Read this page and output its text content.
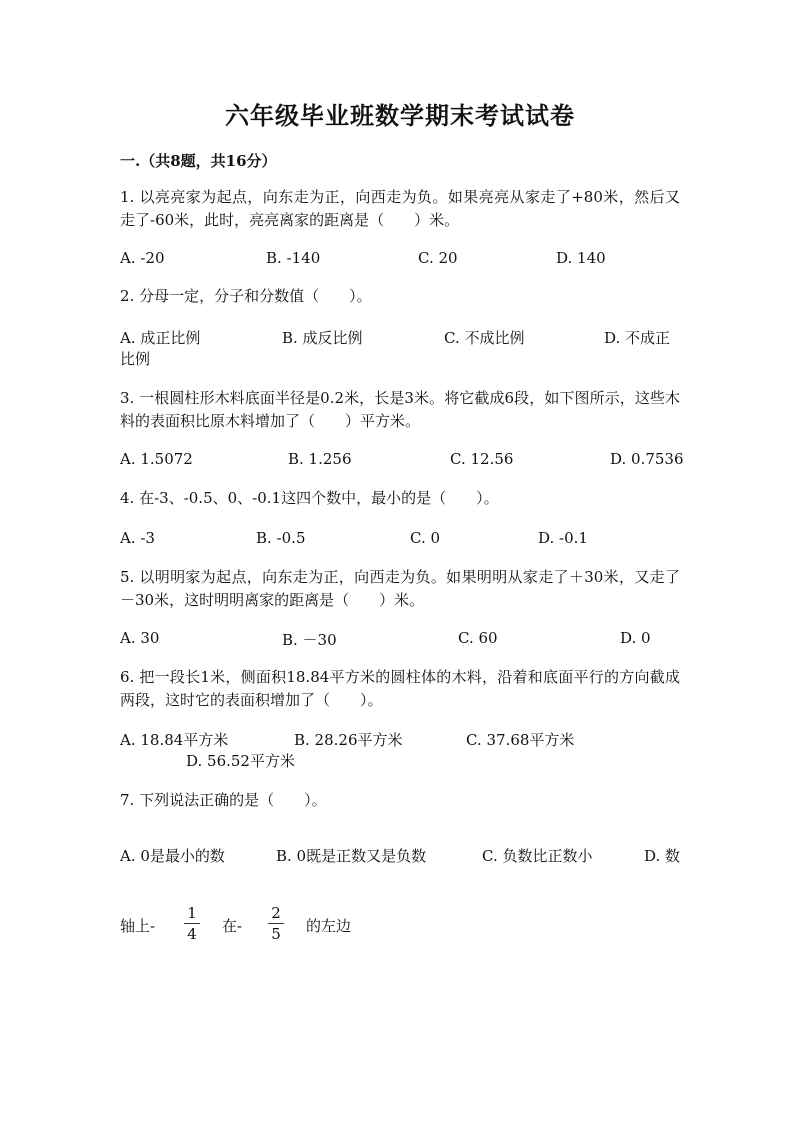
六年级毕业班数学期末考试试卷
一.（共8题，共16分）
1. 以亮亮家为起点，向东走为正，向西走为负。如果亮亮从家走了+80米，然后又走了-60米，此时，亮亮离家的距离是（　　）米。
A. -20	B. -140	C. 20	D. 140
2. 分母一定，分子和分数值（　　）。
A. 成正比例	B. 成反比例	C. 不成比例	D. 不成正
比例
3. 一根圆柱形木料底面半径是0.2米，长是3米。将它截成6段，如下图所示，这些木料的表面积比原木料增加了（　　）平方米。
A. 1.5072	B. 1.256	C. 12.56	D. 0.7536
4. 在-3、-0.5、0、-0.1这四个数中，最小的是（　　）。
A. -3	B. -0.5	C. 0	D. -0.1
5. 以明明家为起点，向东走为正，向西走为负。如果明明从家走了＋30米，又走了－30米，这时明明离家的距离是（　　）米。
A. 30	B. －30	C. 60	D. 0
6. 把一段长1米，侧面积18.84平方米的圆柱体的木料，沿着和底面平行的方向截成两段，这时它的表面积增加了（　　）。
A. 18.84平方米	B. 28.26平方米	C. 37.68平方米
D. 56.52平方米
7. 下列说法正确的是（　　）。
A. 0是最小的数	B. 0既是正数又是负数	C. 负数比正数小	D. 数
轴上-
1
4 在-
2
5 的左边
